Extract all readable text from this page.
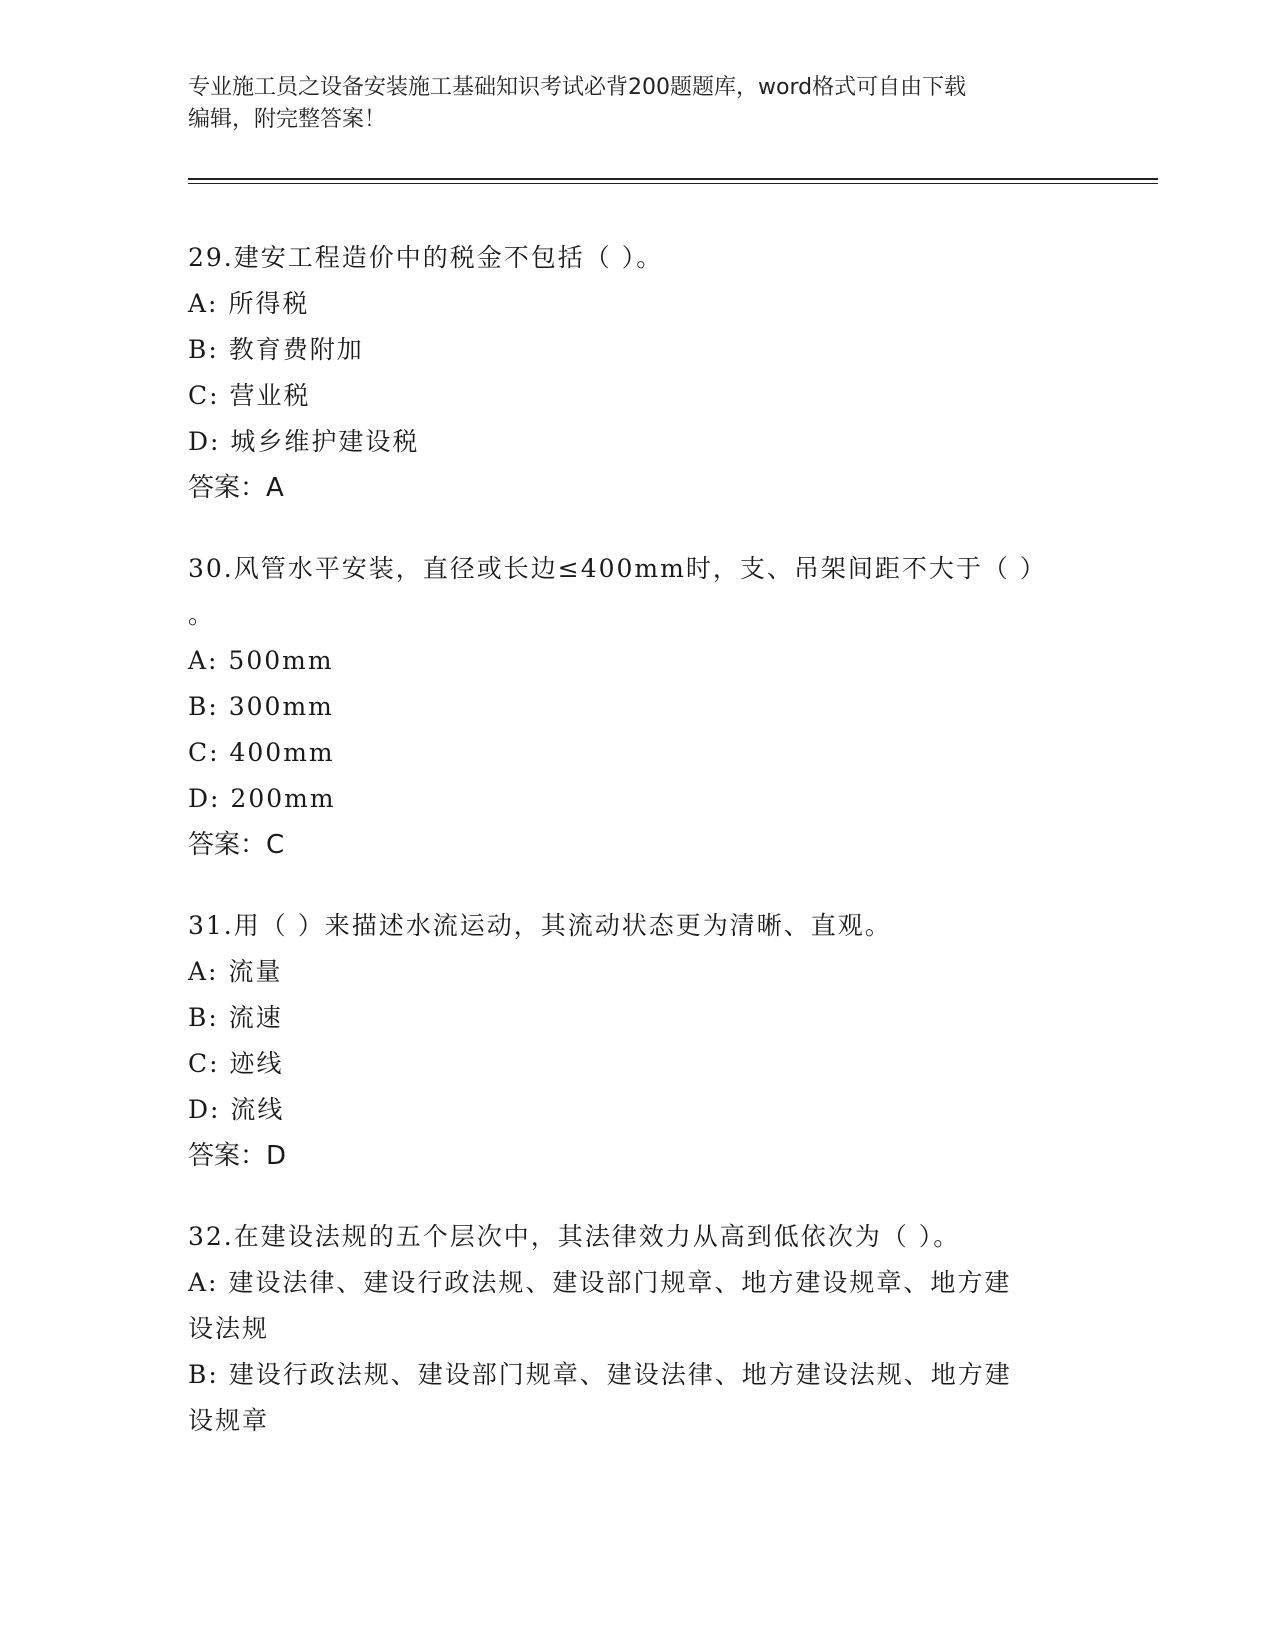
专业施工员之设备安装施工基础知识考试必背200题题库，word格式可自由下载
编辑，附完整答案！
29.建安工程造价中的税金不包括（ ）。
A: 所得税
B: 教育费附加
C: 营业税
D: 城乡维护建设税
答案：A
30.风管水平安装，直径或长边≤400mm时，支、吊架间距不大于（ ）
。
A: 500mm
B: 300mm
C: 400mm
D: 200mm
答案：C
31.用（ ）来描述水流运动，其流动状态更为清晰、直观。
A: 流量
B: 流速
C: 迹线
D: 流线
答案：D
32.在建设法规的五个层次中，其法律效力从高到低依次为（ ）。
A: 建设法律、建设行政法规、建设部门规章、地方建设规章、地方建
设法规
B: 建设行政法规、建设部门规章、建设法律、地方建设法规、地方建
设规章
